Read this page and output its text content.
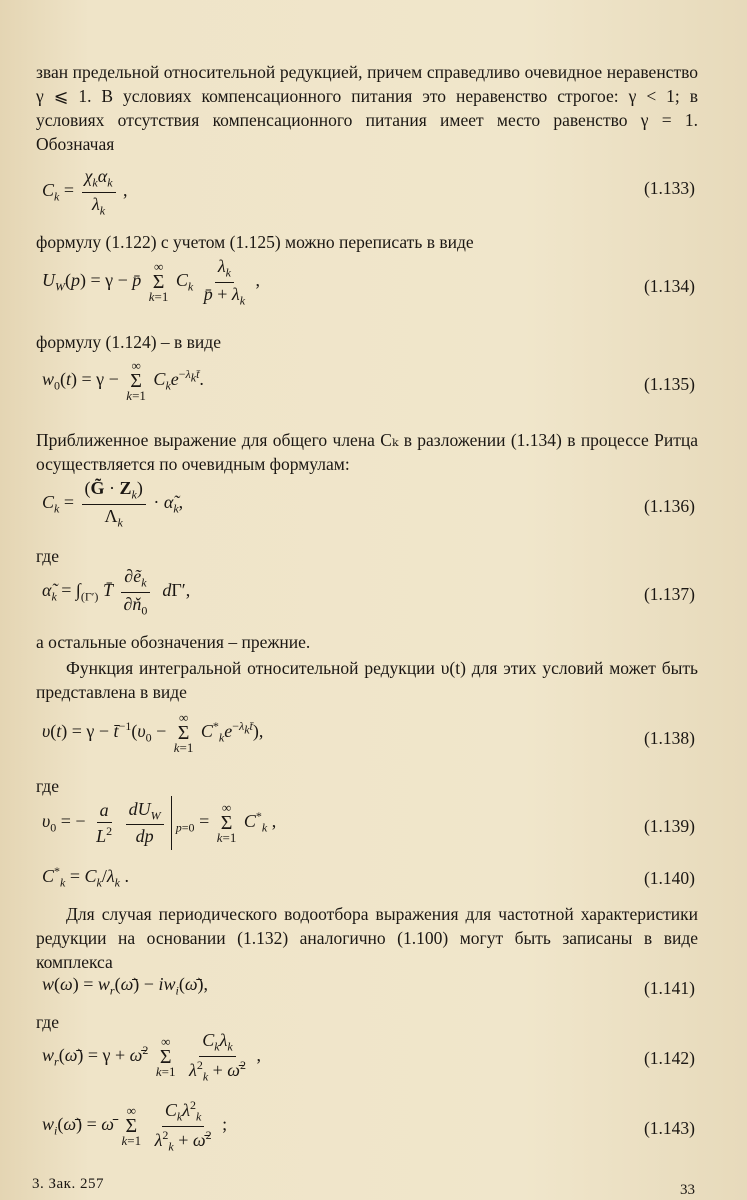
зван предельной относительной редукцией, причем справедливо очевидное неравенство γ ⩽ 1. В условиях компенсационного питания это неравенство строгое: γ < 1; в условиях отсутствия компенсационного питания имеет место равенство γ = 1. Обозначая
$C_k = \frac{\chi_k\alpha_k}{\lambda_k}$ ,	(1.133)
формулу (1.122) с учетом (1.125) можно переписать в виде
$U_W(p) = \gamma$ − p̄
∞
Σ
k=1
$C_k \frac{\lambda_k}{p̄ + \lambda_k}$ ,	(1.134)
формулу (1.124) – в виде
$w_0(t) = \gamma$ −
∞
Σ
k=1
$C_ke^{-\lambda_kt̄}$.	(1.135)
Приближенное выражение для общего члена Cₖ в разложении (1.134) в процессе Ритца осуществляется по очевидным формулам:
$C_k = \frac{(G̃ \cdot Z_k)}{\Lambda_k}$ · $\alphã_k$,	(1.136)
где
$\alphã_k = \int_{(\Gamma')}$ T̄ $\frac{\partial ẽ_k}{\partial ň_0} d\Gamma'$,	(1.137)
а остальные обозначения – прежние.
Функция интегральной относительной редукции υ(t) для этих условий может быть представлена в виде
$\upsilon(t) = \gamma - t̄^{-1}(\upsilon_0$ −
∞
Σ
k=1
$C^*_ke^{-\lambda_kt̄}$),	(1.138)
где
$\upsilon_0$ = − $\frac{a}{L^2}$
$\frac{dU_W}{dp} _{p=0}$ =
∞
Σ
k=1
$C^*_k$ ,	(1.139)
$C^*_k = C_k/\lambda_k$ .	(1.140)
Для случая периодического водоотбора выражения для частотной характеристики редукции на основании (1.132) аналогично (1.100) могут быть записаны в виде комплекса
$w(\omega) = w_r(\omegā)$ − $iw_i(\omegā)$,	(1.141)
где
$w_r(\omegā) = \gamma$ + ω̄$^2$
∞
Σ
k=1
$\frac{C_k\lambda_k}{\lambda^2_k + \omegā^2}$ ,	(1.142)
$w_i(\omegā)$ = ω̄
∞
Σ
k=1
$\frac{C_k\lambda^2_k}{\lambda^2_k + \omegā^2}$ ;	(1.143)
3. Зак. 257	33
